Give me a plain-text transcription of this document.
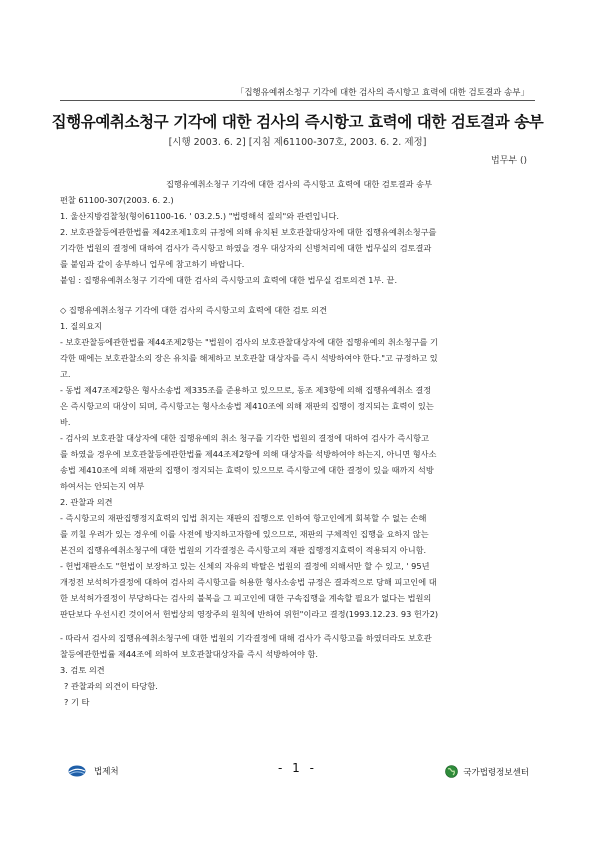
「집행유예취소청구 기각에 대한 검사의 즉시항고 효력에 대한 검토결과 송부」
집행유예취소청구 기각에 대한 검사의 즉시항고 효력에 대한 검토결과 송부
[시행 2003. 6. 2] [지침 제61100-307호, 2003. 6. 2. 제정]
법무부 ()

집행유예취소청구 기각에 대한 검사의 즉시항고 효력에 대한 검토결과 송부

편찰 61100-307(2003. 6. 2.)

1. 울산지방검찰청(형이61100-16. ' 03.2.5.) "법령해석 질의"와 관련입니다.

2. 보호관찰등에관한법률 제42조제1호의 규정에 의해 유치된 보호관찰대상자에 대한 집행유예취소청구를

기각한 법원의 결정에 대하여 검사가 즉시항고 하였을 경우 대상자의 신병처리에 대한 법무실의 검토결과

를 붙임과 같이 송부하니 업무에 참고하기 바랍니다.

붙임 : 집행유예취소청구 기각에 대한 검사의 즉시항고의 효력에 대한 법무실 검토의견 1부. 끝.

◇ 집행유예취소청구 기각에 대한 검사의 즉시항고의 효력에 대한 검토 의견

1. 질의요지

- 보호관찰등에관한법률 제44조제2항는 "법원이 검사의 보호관찰대상자에 대한 집행유예의 취소청구를 기

각한 때에는 보호관찰소의 장은 유치를 해제하고 보호관찰 대상자를 즉시 석방하여야 한다."고 규정하고 있

고.

- 동법 제47조제2항은 형사소송법 제335조를 준용하고 있으므로, 동조 제3항에 의해 집행유예취소 결정

은 즉시항고의 대상이 되며, 즉시항고는 형사소송법 제410조에 의해 재판의 집행이 정지되는 효력이 있는

바.

- 검사의 보호관찰 대상자에 대한 집행유예의 취소 청구를 기각한 법원의 결정에 대하여 검사가 즉시항고

를 하였을 경우에 보호관찰등에관한법률 제44조제2항에 의해 대상자를 석방하여야 하는지, 아니면 형사소

송법 제410조에 의해 재판의 집행이 정지되는 효력이 있으므로 즉시항고에 대한 결정이 있을 때까지 석방

하여서는 안되는지 여부

2. 관찰과 의견

- 즉시항고의 재판집행정지효력의 입법 취지는 재판의 집행으로 인하여 항고인에게 회복할 수 없는 손해

를 끼칠 우려가 있는 경우에 이를 사전에 방지하고자함에 있으므로, 재판의 구체적인 집행을 요하지 않는

본건의 집행유예취소청구에 대한 법원의 기각결정은 즉시항고의 재판 집행정지효력이 적용되지 아니함.

- 헌법재판소도 "헌법이 보장하고 있는 신체의 자유의 박탈은 법원의 결정에 의해서만 할 수 있고, ' 95년

개정전 보석허가결정에 대하여 검사의 즉시항고를 허용한 형사소송법 규정은 결과적으로 당해 피고인에 대

한 보석허가결정이 부당하다는 검사의 불복을 그 피고인에 대한 구속집행을 계속할 필요가 없다는 법원의

판단보다 우선시킨 것이어서 헌법상의 영장주의 원칙에 반하여 위헌"이라고 결정(1993.12.23. 93 헌가2)

- 따라서 검사의 집행유예취소청구에 대한 법원의 기각결정에 대해 검사가 즉시항고를 하였더라도 보호관

찰등에관한법률 제44조에 의하여 보호관찰대상자를 즉시 석방하여야 함.

3. 검토 의견

? 관찰과의 의견이 타당함.

? 기 타

법제처	- 1 -	국가법령정보센터
